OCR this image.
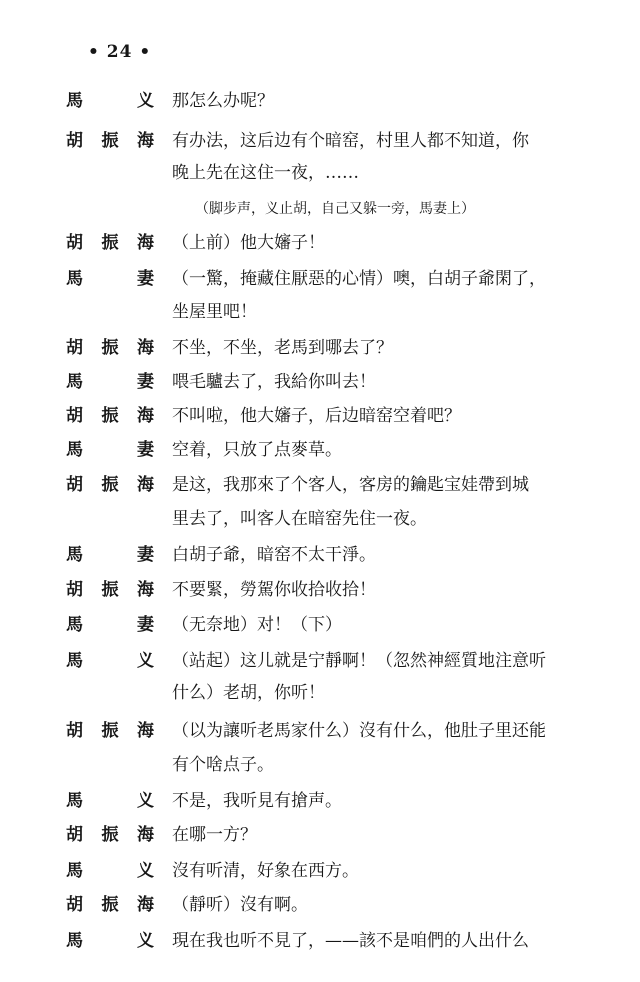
• 24 •
馬	义 那怎么办呢？
胡 振 海 有办法，这后边有个暗窑，村里人都不知道，你
晚上先在这住一夜，……
（脚步声，义止胡，自己又躲一旁，馬妻上）
胡 振 海 （上前）他大嬸子！
馬	妻 （一驚，掩藏住厭惡的心情）噢，白胡子爺閑了，
坐屋里吧！
胡 振 海 不坐，不坐，老馬到哪去了？
馬	妻 喂毛驢去了，我給你叫去！
胡 振 海 不叫啦，他大嬸子，后边暗窑空着吧？
馬	妻 空着，只放了点麥草。
胡 振 海 是这，我那來了个客人，客房的鑰匙宝娃帶到城
里去了，叫客人在暗窑先住一夜。
馬	妻 白胡子爺，暗窑不太干淨。
胡 振 海 不要緊，勞駕你收拾收拾！
馬	妻 （无奈地）对！（下）
馬	义 （站起）这儿就是宁靜啊！（忽然神經質地注意听
什么）老胡，你听！
胡 振 海 （以为讓听老馬家什么）沒有什么，他肚子里还能
有个啥点子。
馬	义 不是，我听見有搶声。
胡 振 海 在哪一方？
馬	义 沒有听清，好象在西方。
胡 振 海 （靜听）沒有啊。
馬	义 現在我也听不見了，——該不是咱們的人出什么
